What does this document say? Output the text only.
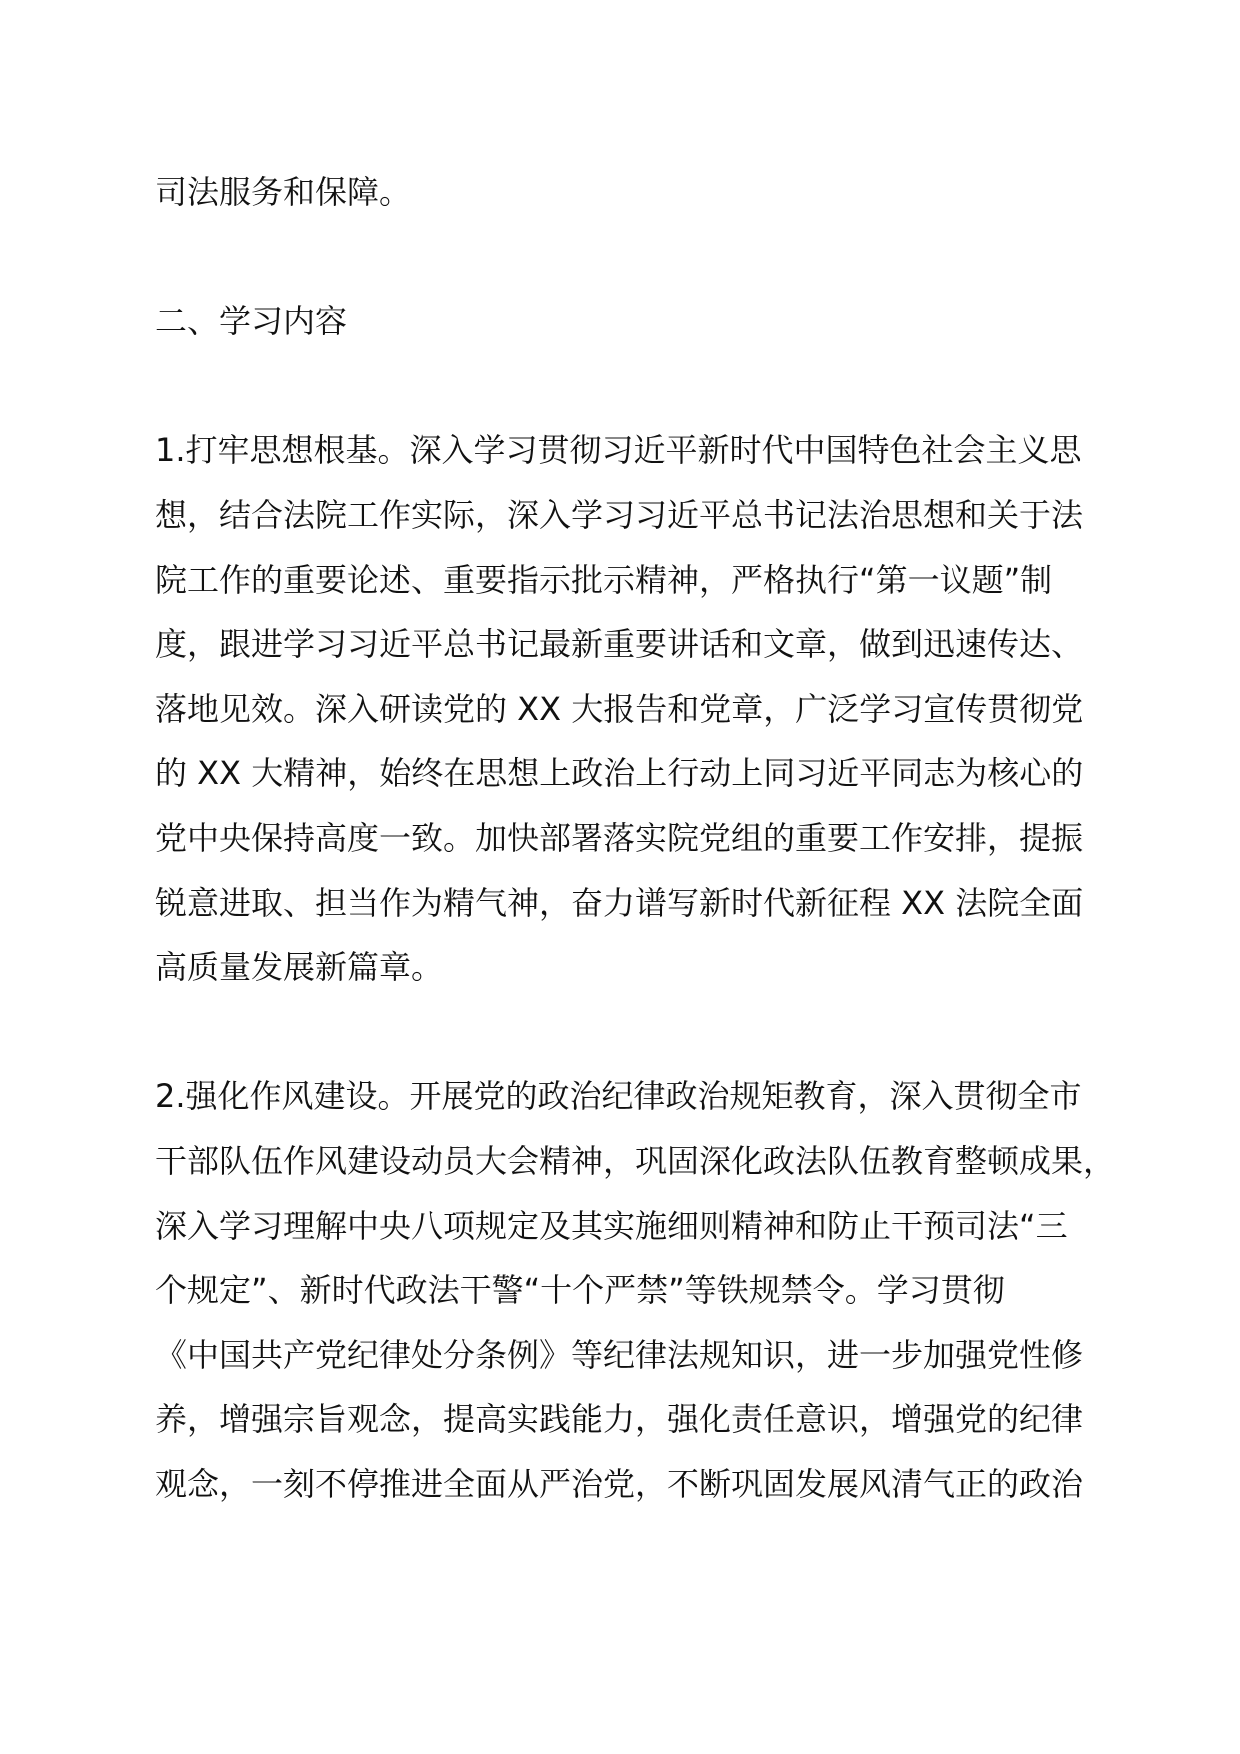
司法服务和保障。
二、学习内容
1.打牢思想根基。深入学习贯彻习近平新时代中国特色社会主义思
想，结合法院工作实际，深入学习习近平总书记法治思想和关于法
院工作的重要论述、重要指示批示精神，严格执行“第一议题”制
度，跟进学习习近平总书记最新重要讲话和文章，做到迅速传达、
落地见效。深入研读党的 XX 大报告和党章，广泛学习宣传贯彻党
的 XX 大精神，始终在思想上政治上行动上同习近平同志为核心的
党中央保持高度一致。加快部署落实院党组的重要工作安排，提振
锐意进取、担当作为精气神，奋力谱写新时代新征程 XX 法院全面
高质量发展新篇章。
2.强化作风建设。开展党的政治纪律政治规矩教育，深入贯彻全市
干部队伍作风建设动员大会精神，巩固深化政法队伍教育整顿成果，
深入学习理解中央八项规定及其实施细则精神和防止干预司法“三
个规定”、新时代政法干警“十个严禁”等铁规禁令。学习贯彻
《中国共产党纪律处分条例》等纪律法规知识，进一步加强党性修
养，增强宗旨观念，提高实践能力，强化责任意识，增强党的纪律
观念，一刻不停推进全面从严治党，不断巩固发展风清气正的政治
